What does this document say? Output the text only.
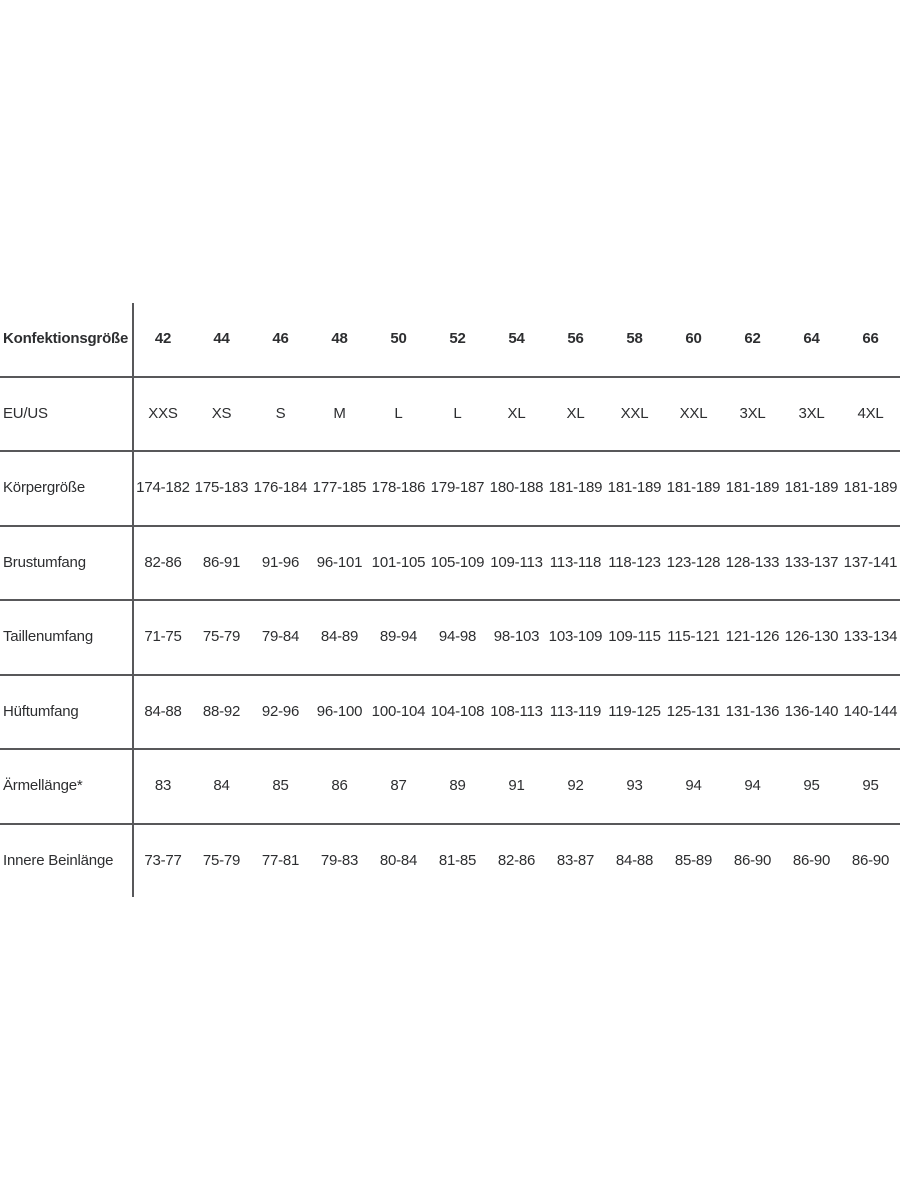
Konfektionsgröße	42	44	46	48	50	52	54	56	58	60	62	64	66
EU/US	XXS	XS	S	M	L	L	XL	XL	XXL	XXL	3XL	3XL	4XL
Körpergröße	174-182	175-183	176-184	177-185	178-186	179-187	180-188	181-189	181-189	181-189	181-189	181-189	181-189
Brustumfang	82-86	86-91	91-96	96-101	101-105	105-109	109-113	113-118	118-123	123-128	128-133	133-137	137-141
Taillenumfang	71-75	75-79	79-84	84-89	89-94	94-98	98-103	103-109	109-115	115-121	121-126	126-130	133-134
Hüftumfang	84-88	88-92	92-96	96-100	100-104	104-108	108-113	113-119	119-125	125-131	131-136	136-140	140-144
Ärmellänge*	83	84	85	86	87	89	91	92	93	94	94	95	95
Innere Beinlänge	73-77	75-79	77-81	79-83	80-84	81-85	82-86	83-87	84-88	85-89	86-90	86-90	86-90
